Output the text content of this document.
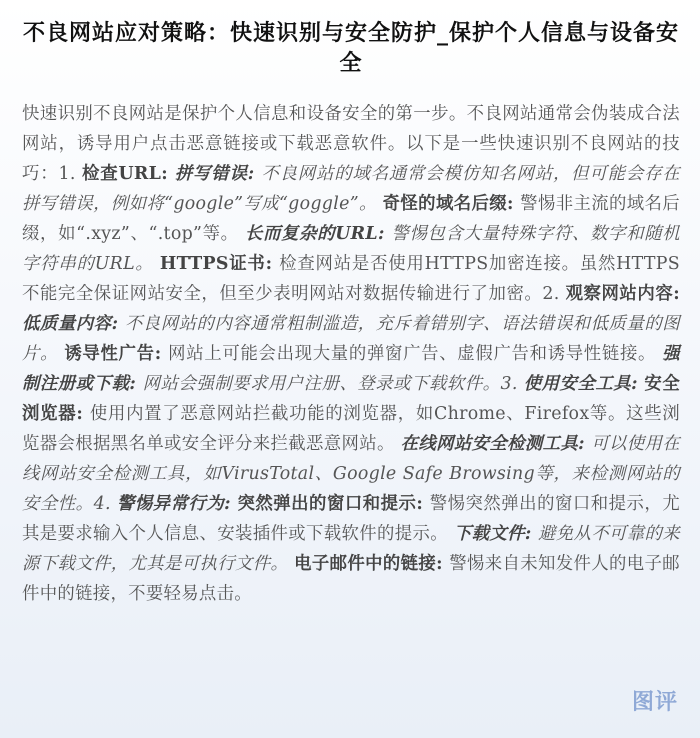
不良网站应对策略：快速识别与安全防护_保护个人信息与设备安全

快速识别不良网站是保护个人信息和设备安全的第一步。不良网站通常会伪装成合法网站，诱导用户点击恶意链接或下载恶意软件。以下是一些快速识别不良网站的技巧：1. 检查URL: 拼写错误: 不良网站的域名通常会模仿知名网站，但可能会存在拼写错误，例如将“google”写成“goggle”。 奇怪的域名后缀: 警惕非主流的域名后缀，如“.xyz”、“.top”等。 长而复杂的URL: 警惕包含大量特殊字符、数字和随机字符串的URL。 HTTPS证书: 检查网站是否使用HTTPS加密连接。虽然HTTPS不能完全保证网站安全，但至少表明网站对数据传输进行了加密。2. 观察网站内容: 低质量内容: 不良网站的内容通常粗制滥造，充斥着错别字、语法错误和低质量的图片。 诱导性广告: 网站上可能会出现大量的弹窗广告、虚假广告和诱导性链接。 强制注册或下载: 网站会强制要求用户注册、登录或下载软件。3. 使用安全工具: 安全浏览器: 使用内置了恶意网站拦截功能的浏览器，如Chrome、Firefox等。这些浏览器会根据黑名单或安全评分来拦截恶意网站。 在线网站安全检测工具: 可以使用在线网站安全检测工具，如VirusTotal、Google Safe Browsing等，来检测网站的安全性。4. 警惕异常行为: 突然弹出的窗口和提示: 警惕突然弹出的窗口和提示，尤其是要求输入个人信息、安装插件或下载软件的提示。 下载文件: 避免从不可靠的来源下载文件，尤其是可执行文件。 电子邮件中的链接: 警惕来自未知发件人的电子邮件中的链接，不要轻易点击。

图评
